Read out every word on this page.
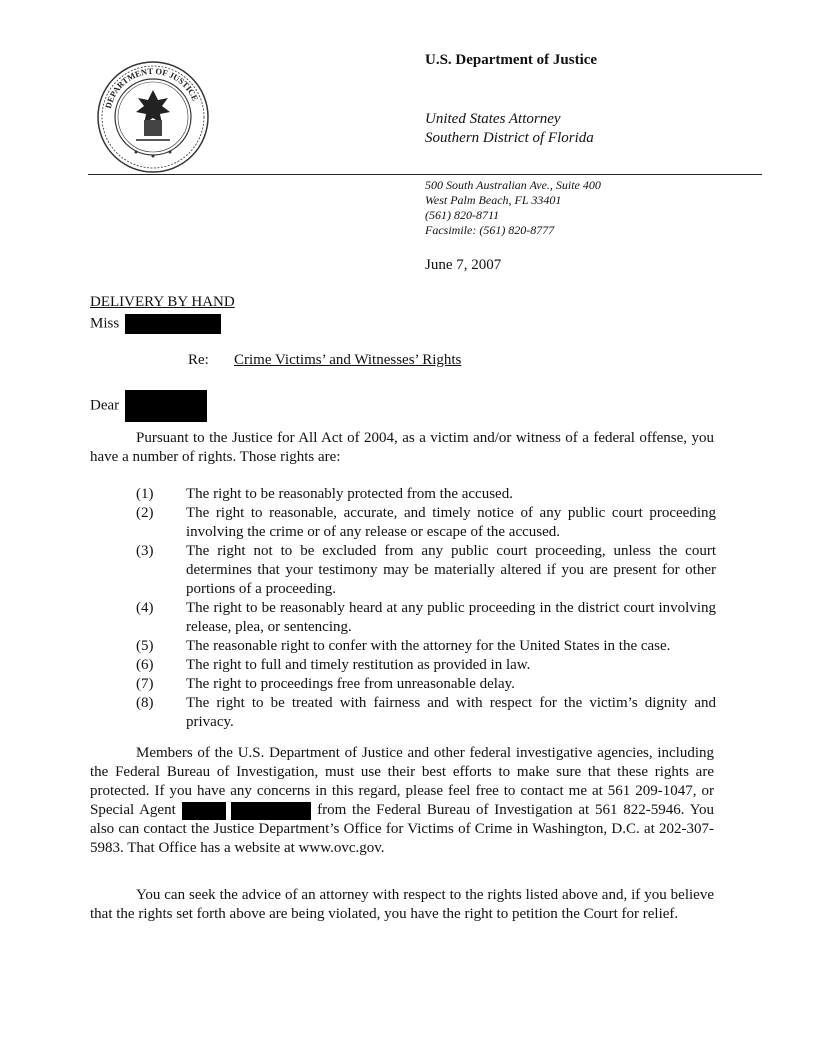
DEPARTMENT OF JUSTICE
U.S. Department of Justice
United States Attorney
Southern District of Florida
500 South Australian Ave., Suite 400
West Palm Beach, FL 33401
(561) 820-8711
Facsimile: (561) 820-8777
June 7, 2007
DELIVERY BY HAND
Miss
Re: Crime Victims’ and Witnesses’ Rights
Dear
Pursuant to the Justice for All Act of 2004, as a victim and/or witness of a federal offense, you have a number of rights. Those rights are:
(1)	The right to be reasonably protected from the accused.
(2)	The right to reasonable, accurate, and timely notice of any public court proceeding involving the crime or of any release or escape of the accused.
(3)	The right not to be excluded from any public court proceeding, unless the court determines that your testimony may be materially altered if you are present for other portions of a proceeding.
(4)	The right to be reasonably heard at any public proceeding in the district court involving release, plea, or sentencing.
(5)	The reasonable right to confer with the attorney for the United States in the case.
(6)	The right to full and timely restitution as provided in law.
(7)	The right to proceedings free from unreasonable delay.
(8)	The right to be treated with fairness and with respect for the victim’s dignity and privacy.
Members of the U.S. Department of Justice and other federal investigative agencies, including the Federal Bureau of Investigation, must use their best efforts to make sure that these rights are protected. If you have any concerns in this regard, please feel free to contact me at 561 209-1047, or Special Agent	from the Federal Bureau of Investigation at 561 822-5946. You also can contact the Justice Department’s Office for Victims of Crime in Washington, D.C. at 202-307-5983. That Office has a website at www.ovc.gov.
You can seek the advice of an attorney with respect to the rights listed above and, if you believe that the rights set forth above are being violated, you have the right to petition the Court for relief.
